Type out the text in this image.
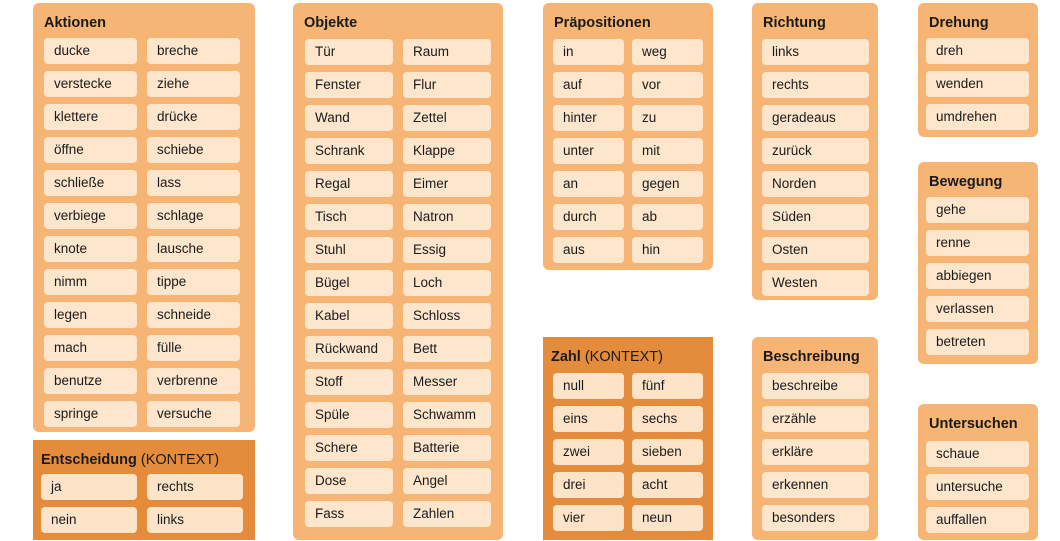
Aktionen
ducke	breche
verstecke	ziehe
klettere	drücke
öffne	schiebe
schließe	lass
verbiege	schlage
knote	lausche
nimm	tippe
legen	schneide
mach	fülle
benutze	verbrenne
springe	versuche
Entscheidung (KONTEXT)
ja	rechts
nein	links
Objekte
Tür	Raum
Fenster	Flur
Wand	Zettel
Schrank	Klappe
Regal	Eimer
Tisch	Natron
Stuhl	Essig
Bügel	Loch
Kabel	Schloss
Rückwand	Bett
Stoff	Messer
Spüle	Schwamm
Schere	Batterie
Dose	Angel
Fass	Zahlen
Präpositionen
in	weg
auf	vor
hinter	zu
unter	mit
an	gegen
durch	ab
aus	hin
Zahl (KONTEXT)
null	fünf
eins	sechs
zwei	sieben
drei	acht
vier	neun
Richtung
links
rechts
geradeaus
zurück
Norden
Süden
Osten
Westen
Beschreibung
beschreibe
erzähle
erkläre
erkennen
besonders
Drehung
dreh
wenden
umdrehen
Bewegung
gehe
renne
abbiegen
verlassen
betreten
Untersuchen
schaue
untersuche
auffallen
